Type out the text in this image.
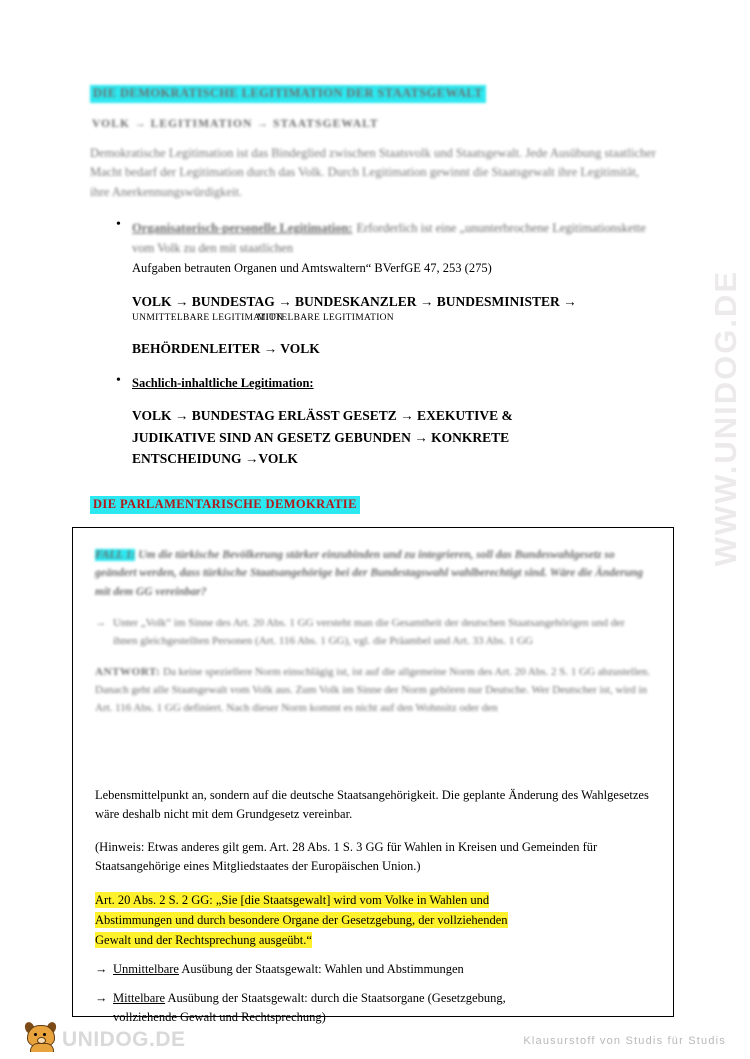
WWW.UNIDOG.DE
DIE DEMOKRATISCHE LEGITIMATION DER STAATSGEWALT
VOLK → LEGITIMATION → STAATSGEWALT
Demokratische Legitimation ist das Bindeglied zwischen Staatsvolk und Staatsgewalt. Jede Ausübung staatlicher Macht bedarf der Legitimation durch das Volk. Durch Legitimation gewinnt die Staatsgewalt ihre Legitimität, ihre Anerkennungswürdigkeit.
• Organisatorisch-personelle Legitimation: Erforderlich ist eine „ununterbrochene Legitimationskette vom Volk zu den mit staatlichen
Aufgaben betrauten Organen und Amtswaltern“ BVerfGE 47, 253 (275)
VOLK → BUNDESTAG → BUNDESKANZLER → BUNDESMINISTER →
UNMITTELBARE LEGITIMATION
MITTELBARE LEGITIMATION
BEHÖRDENLEITER → VOLK
• Sachlich-inhaltliche Legitimation:
VOLK → BUNDESTAG ERLÄSST GESETZ → EXEKUTIVE &
JUDIKATIVE SIND AN GESETZ GEBUNDEN → KONKRETE
ENTSCHEIDUNG →VOLK
DIE PARLAMENTARISCHE DEMOKRATIE
FALL 1: Um die türkische Bevölkerung stärker einzubinden und zu integrieren, soll das Bundeswahlgesetz so geändert werden, dass türkische Staatsangehörige bei der Bundestagswahl wahlberechtigt sind. Wäre die Änderung mit dem GG vereinbar?
→ Unter „Volk“ im Sinne des Art. 20 Abs. 1 GG versteht man die Gesamtheit der deutschen Staatsangehörigen und der ihnen gleichgestellten Personen (Art. 116 Abs. 1 GG), vgl. die Präambel und Art. 33 Abs. 1 GG
ANTWORT: Da keine speziellere Norm einschlägig ist, ist auf die allgemeine Norm des Art. 20 Abs. 2 S. 1 GG abzustellen. Danach geht alle Staatsgewalt vom Volk aus. Zum Volk im Sinne der Norm gehören nur Deutsche. Wer Deutscher ist, wird in Art. 116 Abs. 1 GG definiert. Nach dieser Norm kommt es nicht auf den Wohnsitz oder den
Lebensmittelpunkt an, sondern auf die deutsche Staatsangehörigkeit. Die geplante Änderung des Wahlgesetzes wäre deshalb nicht mit dem Grundgesetz vereinbar.
(Hinweis: Etwas anderes gilt gem. Art. 28 Abs. 1 S. 3 GG für Wahlen in Kreisen und Gemeinden für Staatsangehörige eines Mitgliedstaates der Europäischen Union.)
Art. 20 Abs. 2 S. 2 GG: „Sie [die Staatsgewalt] wird vom Volke in Wahlen und
Abstimmungen und durch besondere Organe der Gesetzgebung, der vollziehenden
Gewalt und der Rechtsprechung ausgeübt.“
→ Unmittelbare Ausübung der Staatsgewalt: Wahlen und Abstimmungen
→ Mittelbare Ausübung der Staatsgewalt: durch die Staatsorgane (Gesetzgebung,
vollziehende Gewalt und Rechtsprechung)
UNIDOG.DE	Klausurstoff von Studis für Studis
